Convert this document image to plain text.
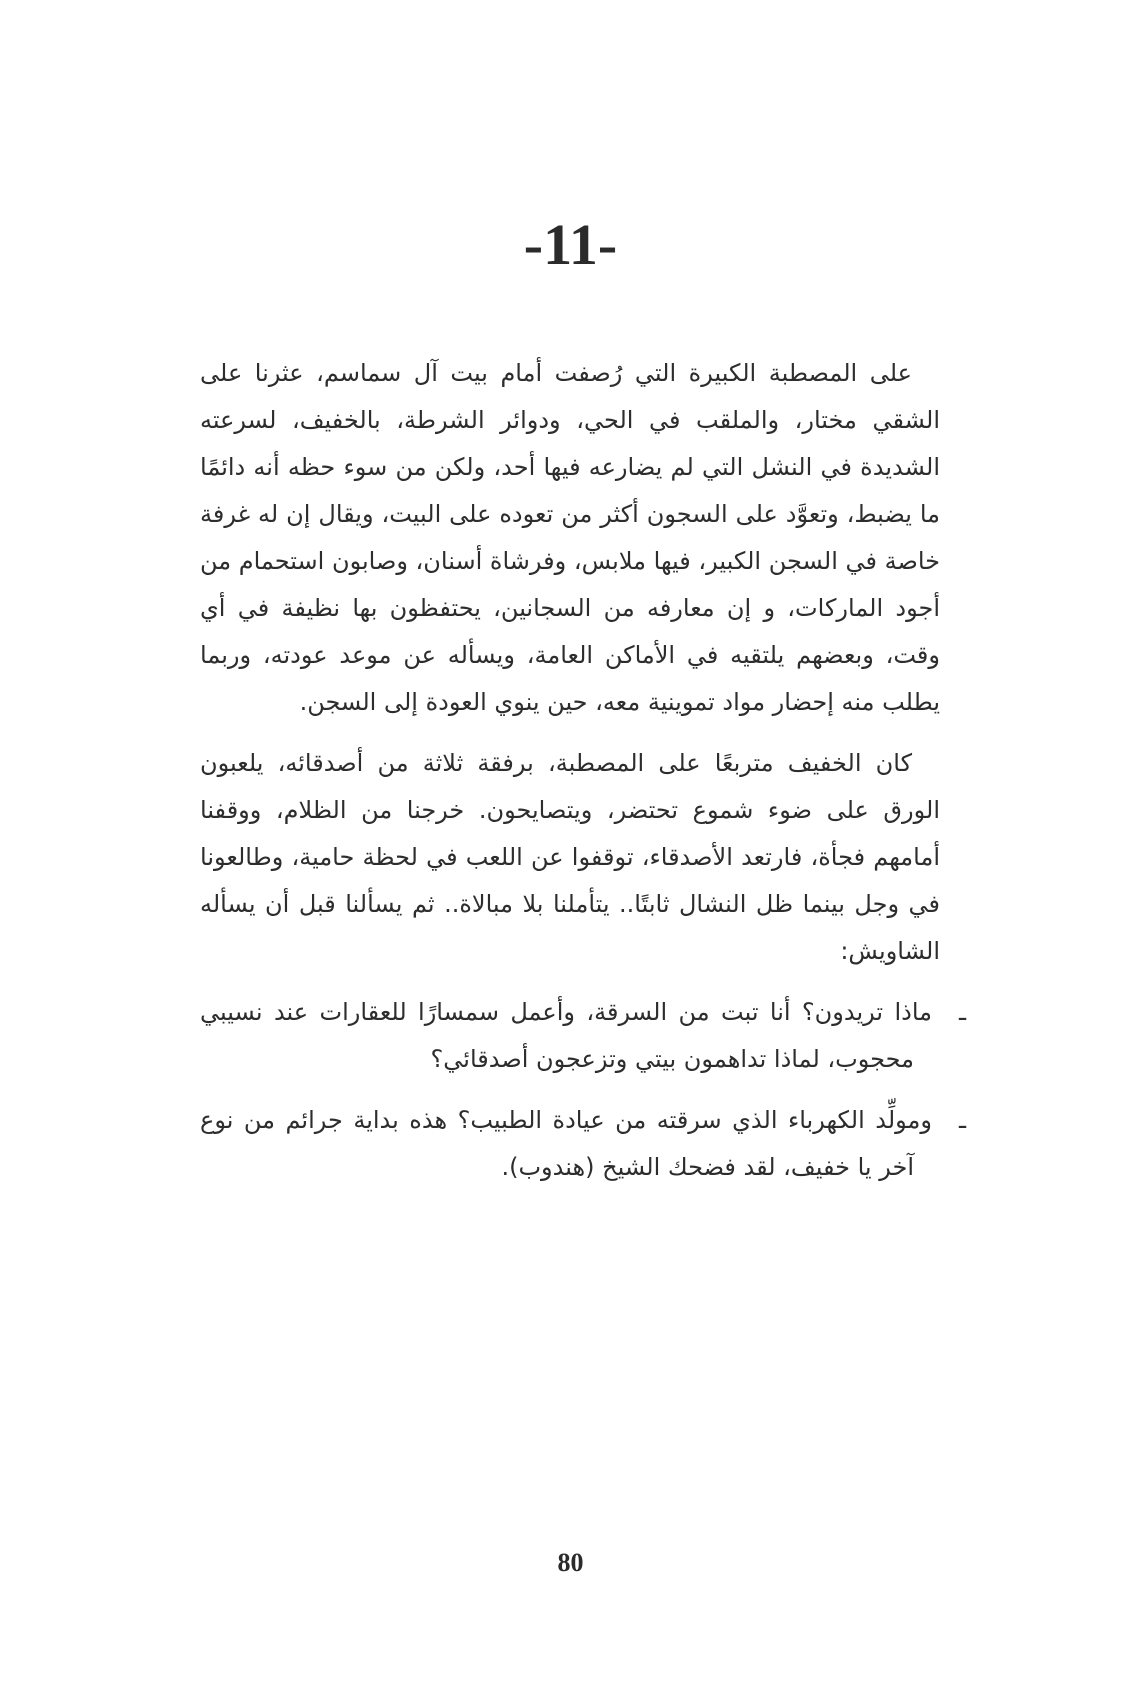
-11-

على المصطبة الكبيرة التي رُصفت أمام بيت آل سماسم، عثرنا على الشقي مختار، والملقب في الحي، ودوائر الشرطة، بالخفيف، لسرعته الشديدة في النشل التي لم يضارعه فيها أحد، ولكن من سوء حظه أنه دائمًا ما يضبط، وتعوَّد على السجون أكثر من تعوده على البيت، ويقال إن له غرفة خاصة في السجن الكبير، فيها ملابس، وفرشاة أسنان، وصابون استحمام من أجود الماركات، و إن معارفه من السجانين، يحتفظون بها نظيفة في أي وقت، وبعضهم يلتقيه في الأماكن العامة، ويسأله عن موعد عودته، وربما يطلب منه إحضار مواد تموينية معه، حين ينوي العودة إلى السجن.

كان الخفيف متربعًا على المصطبة، برفقة ثلاثة من أصدقائه، يلعبون الورق على ضوء شموع تحتضر، ويتصايحون. خرجنا من الظلام، ووقفنا أمامهم فجأة، فارتعد الأصدقاء، توقفوا عن اللعب في لحظة حامية، وطالعونا في وجل بينما ظل النشال ثابتًا.. يتأملنا بلا مبالاة.. ثم يسألنا قبل أن يسأله الشاويش:

ـماذا تريدون؟ أنا تبت من السرقة، وأعمل سمسارًا للعقارات عند نسيبي محجوب، لماذا تداهمون بيتي وتزعجون أصدقائي؟

ـومولِّد الكهرباء الذي سرقته من عيادة الطبيب؟ هذه بداية جرائم من نوع آخر يا خفيف، لقد فضحك الشيخ (هندوب).

80
